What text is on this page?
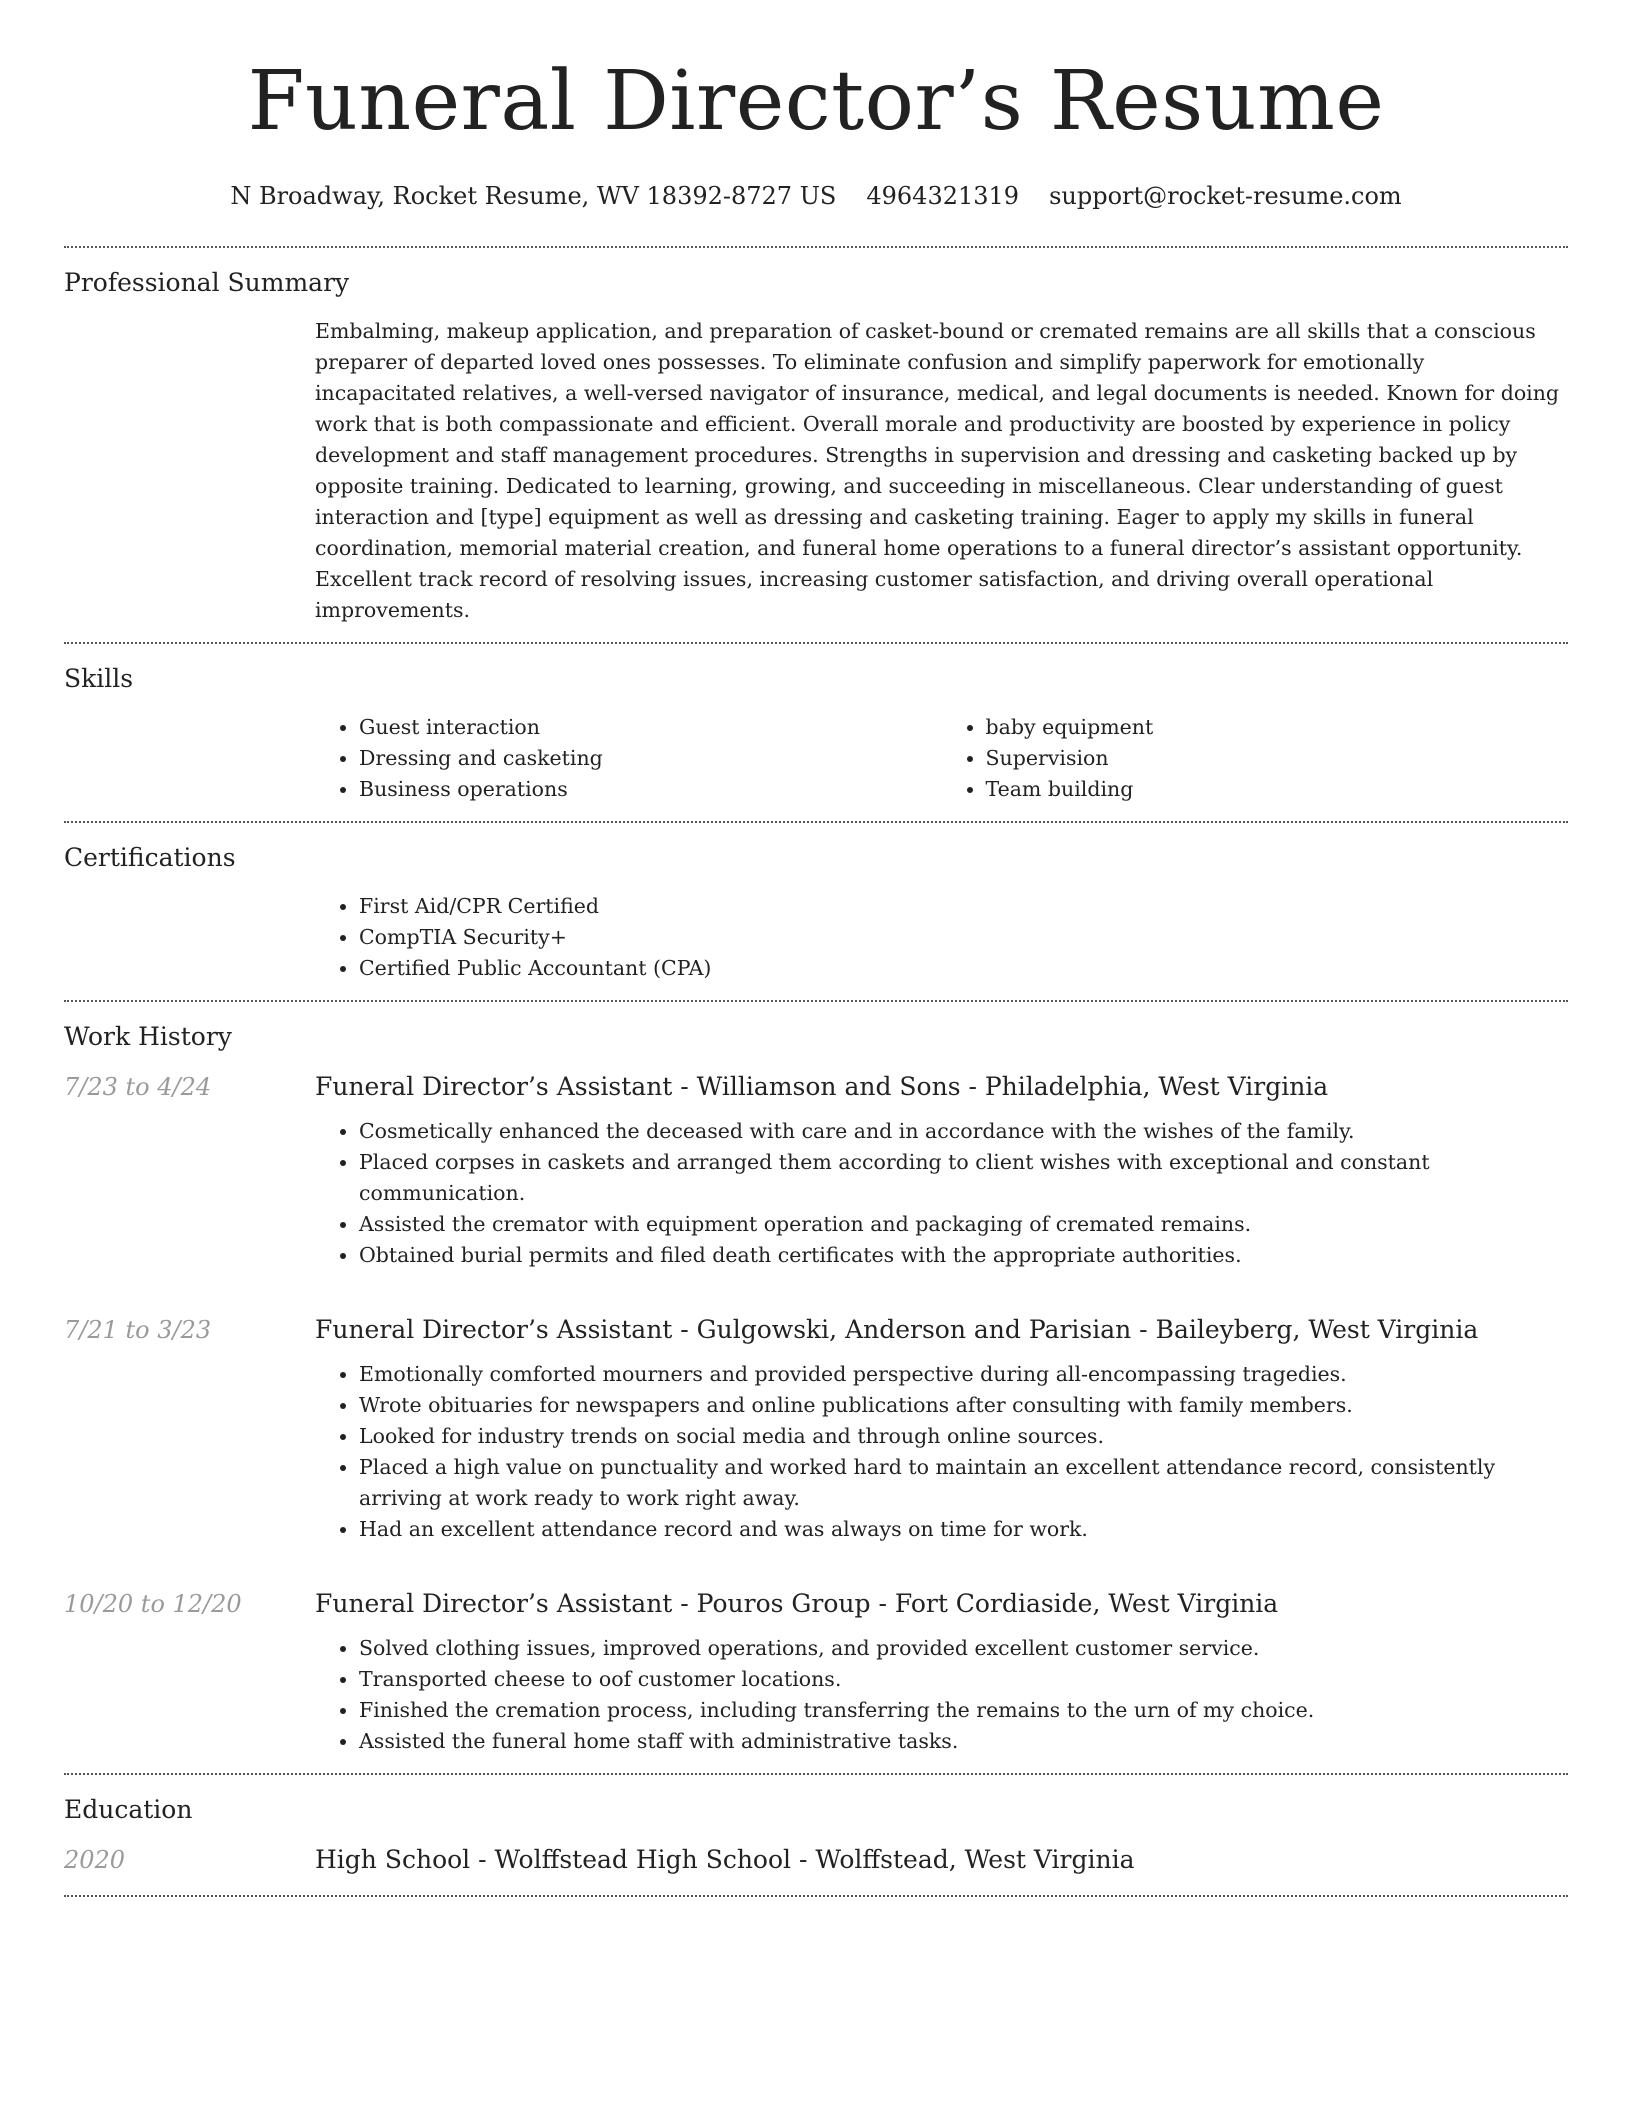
Funeral Director’s Resume
N Broadway, Rocket Resume, WV 18392-8727 US 4964321319 support@rocket-resume.com
Professional Summary

Embalming, makeup application, and preparation of casket-bound or cremated remains are all skills that a conscious preparer of departed loved ones possesses. To eliminate confusion and simplify paperwork for emotionally incapacitated relatives, a well-versed navigator of insurance, medical, and legal documents is needed. Known for doing work that is both compassionate and efficient. Overall morale and productivity are boosted by experience in policy development and staff management procedures. Strengths in supervision and dressing and casketing backed up by opposite training. Dedicated to learning, growing, and succeeding in miscellaneous. Clear understanding of guest interaction and [type] equipment as well as dressing and casketing training. Eager to apply my skills in funeral coordination, memorial material creation, and funeral home operations to a funeral director’s assistant opportunity. Excellent track record of resolving issues, increasing customer satisfaction, and driving overall operational improvements.

Skills
• Guest interaction
• Dressing and casketing
• Business operations
• baby equipment
• Supervision
• Team building
Certifications
• First Aid/CPR Certified
• CompTIA Security+
• Certified Public Accountant (CPA)
Work History
7/23 to 4/24	Funeral Director’s Assistant - Williamson and Sons - Philadelphia, West Virginia
• Cosmetically enhanced the deceased with care and in accordance with the wishes of the family.
• Placed corpses in caskets and arranged them according to client wishes with exceptional and constant communication.
• Assisted the cremator with equipment operation and packaging of cremated remains.
• Obtained burial permits and filed death certificates with the appropriate authorities.
7/21 to 3/23	Funeral Director’s Assistant - Gulgowski, Anderson and Parisian - Baileyberg, West Virginia
• Emotionally comforted mourners and provided perspective during all-encompassing tragedies.
• Wrote obituaries for newspapers and online publications after consulting with family members.
• Looked for industry trends on social media and through online sources.
• Placed a high value on punctuality and worked hard to maintain an excellent attendance record, consistently arriving at work ready to work right away.
• Had an excellent attendance record and was always on time for work.
10/20 to 12/20	Funeral Director’s Assistant - Pouros Group - Fort Cordiaside, West Virginia
• Solved clothing issues, improved operations, and provided excellent customer service.
• Transported cheese to oof customer locations.
• Finished the cremation process, including transferring the remains to the urn of my choice.
• Assisted the funeral home staff with administrative tasks.
Education
2020	High School - Wolffstead High School - Wolffstead, West Virginia
